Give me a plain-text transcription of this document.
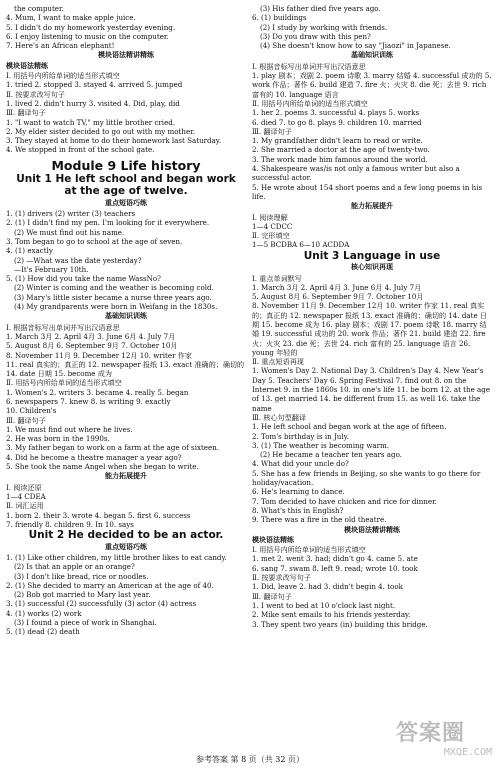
the computer.
4. Mum, I want to make apple juice.
5. I didn't do my homework yesterday evening.
6. I enjoy listening to music on the computer.
7. Here's an African elephant!
模块语法精讲精练
模块语法精练
Ⅰ. 用括号内所给单词的适当形式填空
1. tried 2. stopped 3. stayed 4. arrived 5. jumped
Ⅱ. 按要求改写句子
1. lived 2. didn't hurry 3. visited 4. Did, play, did
Ⅲ. 翻译句子
1. "I want to watch TV," my little brother cried.
2. My elder sister decided to go out with my mother.
3. They stayed at home to do their homework last Saturday.
4. We stopped in front of the school gate.
Module 9 Life history
Unit 1 He left school and began work
at the age of twelve.
重点短语巧练
1. (1) drivers (2) writer (3) teachers
2. (1) I didn't find my pen. I'm looking for it everywhere.
(2) We must find out his name.
3. Tom began to go to school at the age of seven.
4. (1) exactly
(2) —What was the date yesterday?
—It's February 10th.
5. (1) How did you take the name WassNo?
(2) Winter is coming and the weather is becoming cold.
(3) Mary's little sister became a nurse three years ago.
(4) My grandparents were born in Weifang in the 1830s.
基础知识训练
Ⅰ. 根据音标写出单词并写出汉语意思
1. March 3月 2. April 4月 3. June 6月 4. July 7月
5. August 8月 6. September 9月 7. October 10月
8. November 11月 9. December 12月 10. writer 作家
11. real 真实的；真正的 12. newspaper 报纸 13. exact 准确的；确切的 14. date 日期 15. become 成为
Ⅱ. 用括号内所给单词的适当形式填空
1. Women's 2. writers 3. became 4. really 5. began
6. newspapers 7. knew 8. is writing 9. exactly
10. Children's
Ⅲ. 翻译句子
1. We must find out where he lives.
2. He was born in the 1990s.
3. My father began to work on a farm at the age of sixteen.
4. Did he become a theatre manager a year ago?
5. She took the name Angel when she began to write.
能力拓展提升
Ⅰ. 阅读还原
1—4 CDEA
Ⅱ. 词汇运用
1. born 2. their 3. wrote 4. began 5. first 6. success
7. friendly 8. children 9. In 10. says
Unit 2 He decided to be an actor.
重点短语巧练
1. (1) Like other children, my little brother likes to eat candy.
(2) Is that an apple or an orange?
(3) I don't like bread, rice or noodles.
2. (1) She decided to marry an American at the age of 40.
(2) Bob got married to Mary last year.
3. (1) successful (2) successfully (3) actor (4) actress
4. (1) works (2) work
(3) I found a piece of work in Shanghai.
5. (1) dead (2) death
(3) His father died five years ago.
6. (1) buildings
(2) I study by working with friends.
(3) Do you draw with this pen?
(4) She doesn't know how to say "Jiaozi" in Japanese.
基础知识训练
Ⅰ. 根据音标写出单词并写出汉语意思
1. play 剧本；戏剧 2. poem 诗歌 3. marry 结婚 4. successful 成功的 5. work 作品；著作 6. build 建造 7. fire 火；火灾 8. die 死；去世 9. rich 富有的 10. language 语言
Ⅱ. 用括号内所给单词的适当形式填空
1. her 2. poems 3. successful 4. plays 5. works
6. died 7. to go 8. plays 9. children 10. married
Ⅲ. 翻译句子
1. My grandfather didn't learn to read or write.
2. She married a doctor at the age of twenty-two.
3. The work made him famous around the world.
4. Shakespeare was/is not only a famous writer but also a successful actor.
5. He wrote about 154 short poems and a few long poems in his life.
能力拓展提升
Ⅰ. 阅读理解
1—4 CDCC
Ⅱ. 完形填空
1—5 BCDBA 6—10 ACDDA
Unit 3 Language in use
核心知识再现
Ⅰ. 重点单词默写
1. March 3月 2. April 4月 3. June 6月 4. July 7月
5. August 8月 6. September 9月 7. October 10月
8. November 11月 9. December 12月 10. writer 作家 11. real 真实的；真正的 12. newspaper 报纸 13. exact 准确的；确切的 14. date 日期 15. become 成为 16. play 剧本；戏剧 17. poem 诗歌 18. marry 结婚 19. successful 成功的 20. work 作品；著作 21. build 建造 22. fire 火；火灾 23. die 死；去世 24. rich 富有的 25. language 语言 26. young 年轻的
Ⅱ. 重点短语再现
1. Women's Day 2. National Day 3. Children's Day 4. New Year's Day 5. Teachers' Day 6. Spring Festival 7. find out 8. on the Internet 9. in the 1860s 10. in one's life 11. be born 12. at the age of 13. get married 14. be different from 15. as well 16. take the name
Ⅲ. 核心句型翻译
1. He left school and began work at the age of fifteen.
2. Tom's birthday is in July.
3. (1) The weather is becoming warm.
(2) He became a teacher ten years ago.
4. What did your uncle do?
5. She has a few friends in Beijing, so she wants to go there for holiday/vacation.
6. He's learning to dance.
7. Tom decided to have chicken and rice for dinner.
8. What's this in English?
9. There was a fire in the old theatre.
模块语法精讲精练
模块语法精练
Ⅰ. 用括号内所给单词的适当形式填空
1. met 2. went 3. had; didn't go 4. came 5. ate
6. sang 7. swam 8. left 9. read; wrote 10. took
Ⅱ. 按要求改写句子
1. Did, leave 2. had 3. didn't begin 4. took
Ⅲ. 翻译句子
1. I went to bed at 10 o'clock last night.
2. Mike sent emails to his friends yesterday.
3. They spent two years (in) building this bridge.
参考答案 第 8 页（共 32 页）
答案圈
MXQE.COM
